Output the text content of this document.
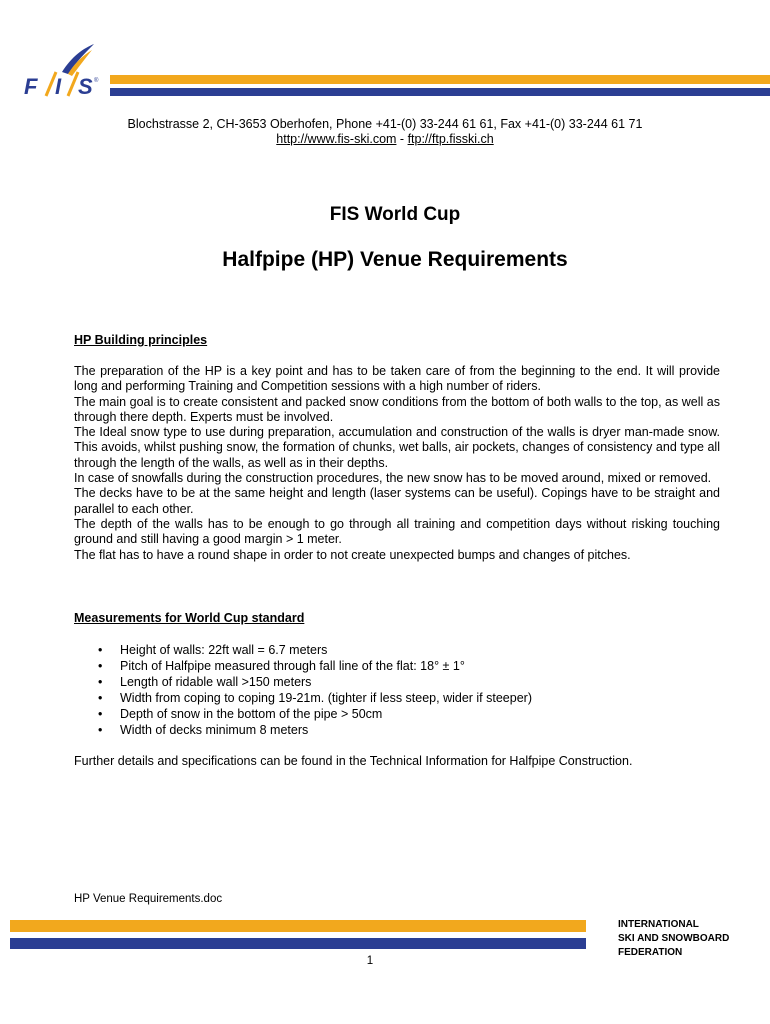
F I S ®
Blochstrasse 2, CH-3653 Oberhofen, Phone +41-(0) 33-244 61 61, Fax +41-(0) 33-244 61 71
http://www.fis-ski.com - ftp://ftp.fisski.ch
FIS World Cup
Halfpipe (HP) Venue Requirements
HP Building principles

The preparation of the HP is a key point and has to be taken care of from the beginning to the end. It will provide long and performing Training and Competition sessions with a high number of riders.

The main goal is to create consistent and packed snow conditions from the bottom of both walls to the top, as well as through there depth. Experts must be involved.

The Ideal snow type to use during preparation, accumulation and construction of the walls is dryer man-made snow. This avoids, whilst pushing snow, the formation of chunks, wet balls, air pockets, changes of consistency and type all through the length of the walls, as well as in their depths.

In case of snowfalls during the construction procedures, the new snow has to be moved around, mixed or removed.

The decks have to be at the same height and length (laser systems can be useful). Copings have to be straight and parallel to each other.

The depth of the walls has to be enough to go through all training and competition days without risking touching ground and still having a good margin > 1 meter.

The flat has to have a round shape in order to not create unexpected bumps and changes of pitches.

Measurements for World Cup standard
• Height of walls: 22ft wall = 6.7 meters
• Pitch of Halfpipe measured through fall line of the flat: 18° ± 1°
• Length of ridable wall >150 meters
• Width from coping to coping 19-21m. (tighter if less steep, wider if steeper)
• Depth of snow in the bottom of the pipe > 50cm
• Width of decks minimum 8 meters
Further details and specifications can be found in the Technical Information for Halfpipe Construction.
HP Venue Requirements.doc
INTERNATIONAL
SKI AND SNOWBOARD
FEDERATION
1
